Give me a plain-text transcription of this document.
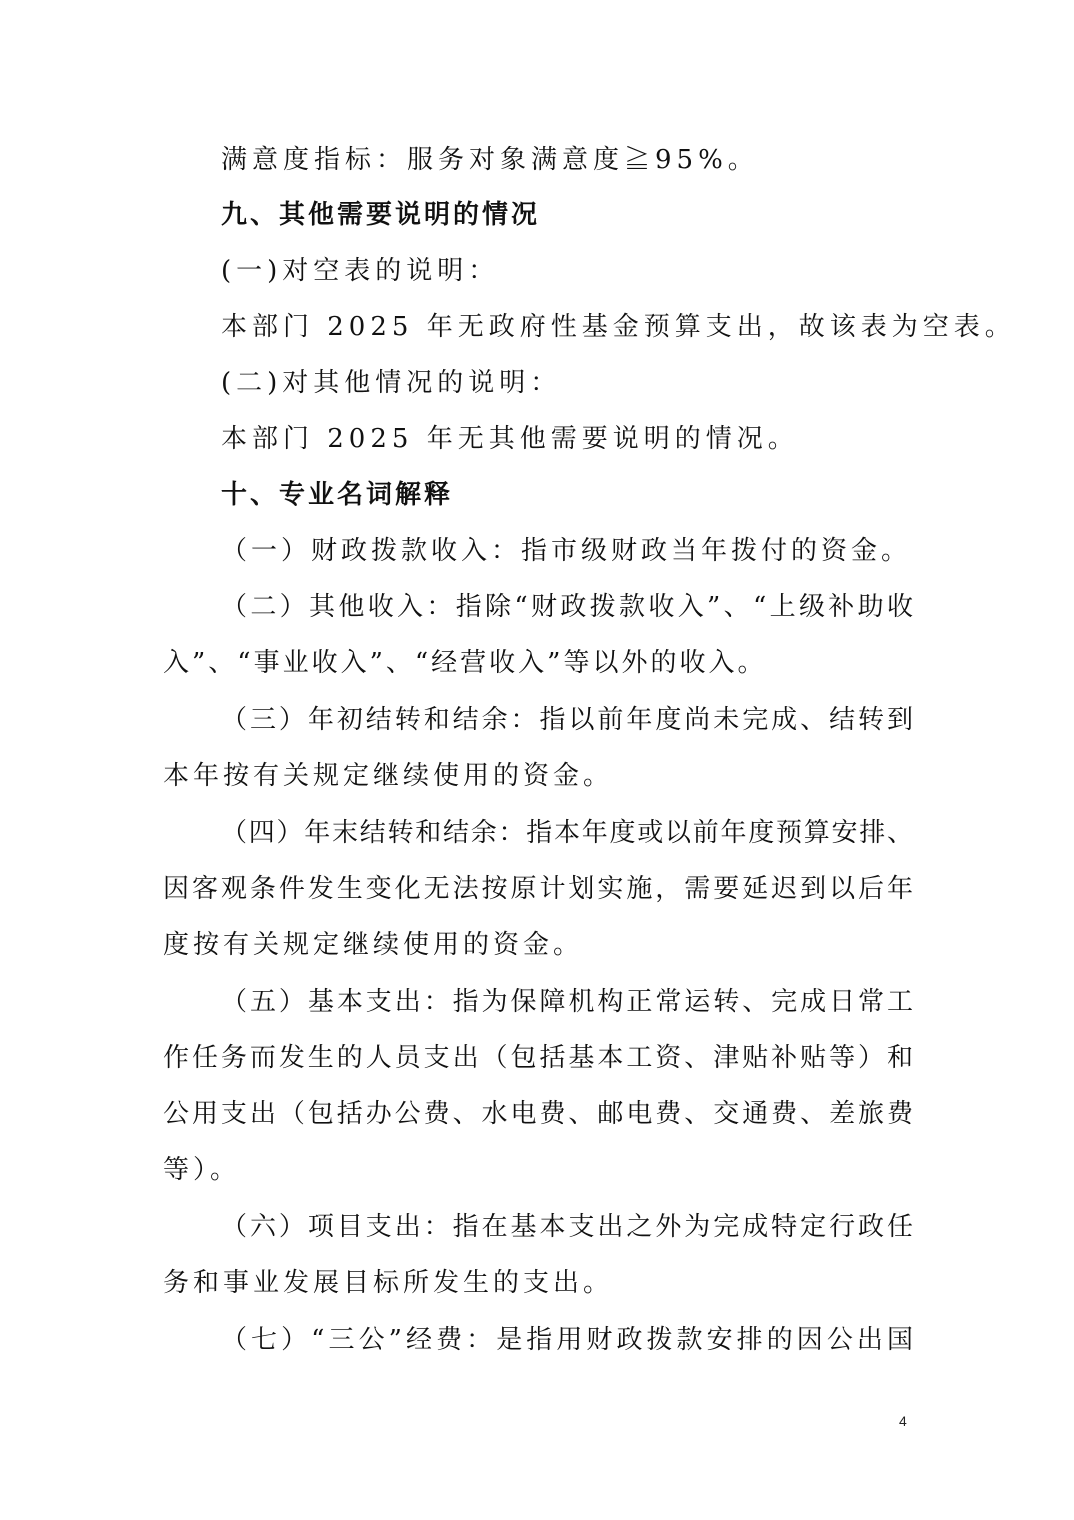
满意度指标：服务对象满意度≧95%。

九、其他需要说明的情况

(一)对空表的说明：

本部门 2025 年无政府性基金预算支出，故该表为空表。

(二)对其他情况的说明：

本部门 2025 年无其他需要说明的情况。

十、专业名词解释

（一）财政拨款收入：指市级财政当年拨付的资金。

（二）其他收入：指除“财政拨款收入”、“上级补助收

入”、“事业收入”、“经营收入”等以外的收入。

（三）年初结转和结余：指以前年度尚未完成、结转到

本年按有关规定继续使用的资金。

（四）年末结转和结余：指本年度或以前年度预算安排、

因客观条件发生变化无法按原计划实施，需要延迟到以后年

度按有关规定继续使用的资金。

（五）基本支出：指为保障机构正常运转、完成日常工

作任务而发生的人员支出（包括基本工资、津贴补贴等）和

公用支出（包括办公费、水电费、邮电费、交通费、差旅费

等）。

（六）项目支出：指在基本支出之外为完成特定行政任

务和事业发展目标所发生的支出。

（七）“三公”经费：是指用财政拨款安排的因公出国

4
